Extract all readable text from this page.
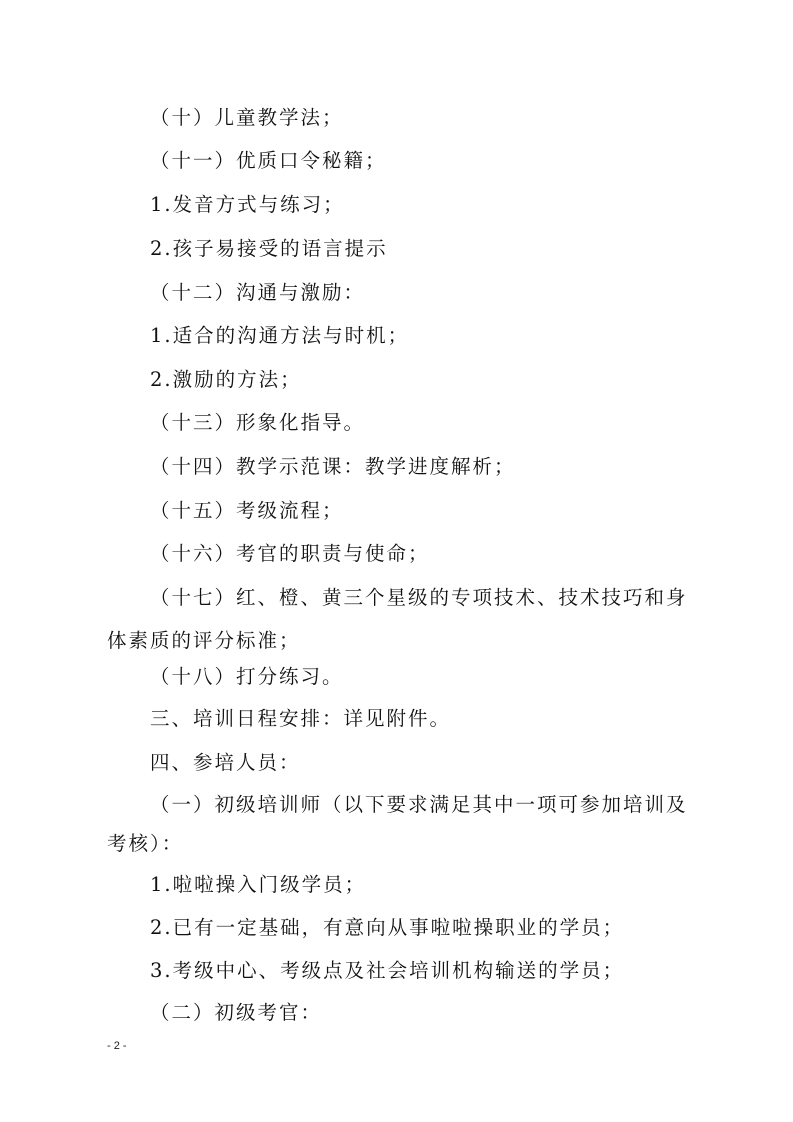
（十）儿童教学法；
（十一）优质口令秘籍；
1.发音方式与练习；
2.孩子易接受的语言提示
（十二）沟通与激励：
1.适合的沟通方法与时机；
2.激励的方法；
（十三）形象化指导。
（十四）教学示范课：教学进度解析；
（十五）考级流程；
（十六）考官的职责与使命；
（十七）红、橙、黄三个星级的专项技术、技术技巧和身
体素质的评分标准；
（十八）打分练习。
三、培训日程安排：详见附件。
四、参培人员：
（一）初级培训师（以下要求满足其中一项可参加培训及
考核）：
1.啦啦操入门级学员；
2.已有一定基础，有意向从事啦啦操职业的学员；
3.考级中心、考级点及社会培训机构输送的学员；
（二）初级考官：
- 2 -
